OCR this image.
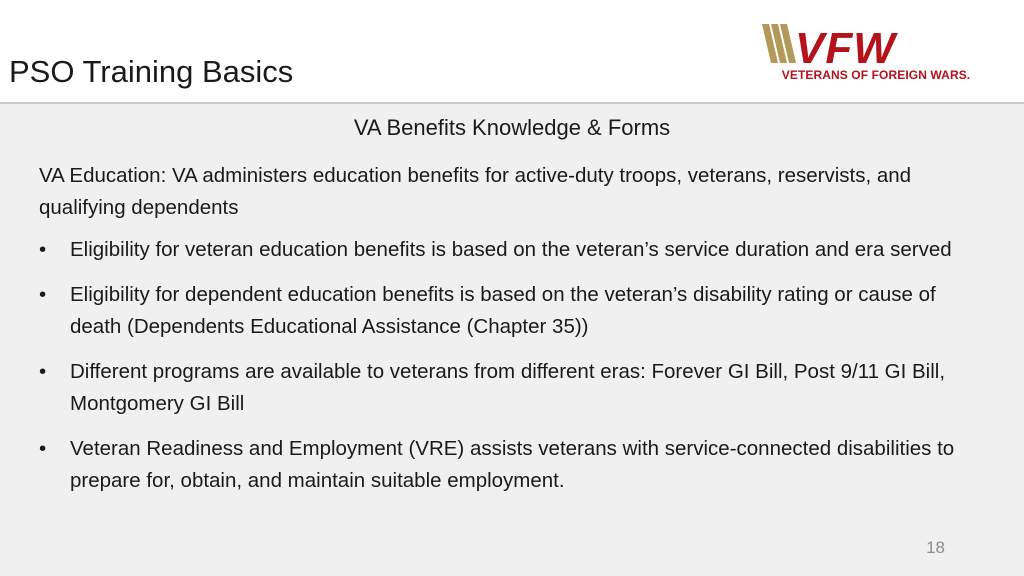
PSO Training Basics	VFW
VETERANS OF FOREIGN WARS.
VA Benefits Knowledge & Forms
VA Education: VA administers education benefits for active-duty troops, veterans, reservists, and qualifying dependents
•	Eligibility for veteran education benefits is based on the veteran’s service duration and era served
•	Eligibility for dependent education benefits is based on the veteran’s disability rating or cause of death (Dependents Educational Assistance (Chapter 35))
•	Different programs are available to veterans from different eras: Forever GI Bill, Post 9/11 GI Bill, Montgomery GI Bill
•	Veteran Readiness and Employment (VRE) assists veterans with service-connected disabilities to prepare for, obtain, and maintain suitable employment.
18
